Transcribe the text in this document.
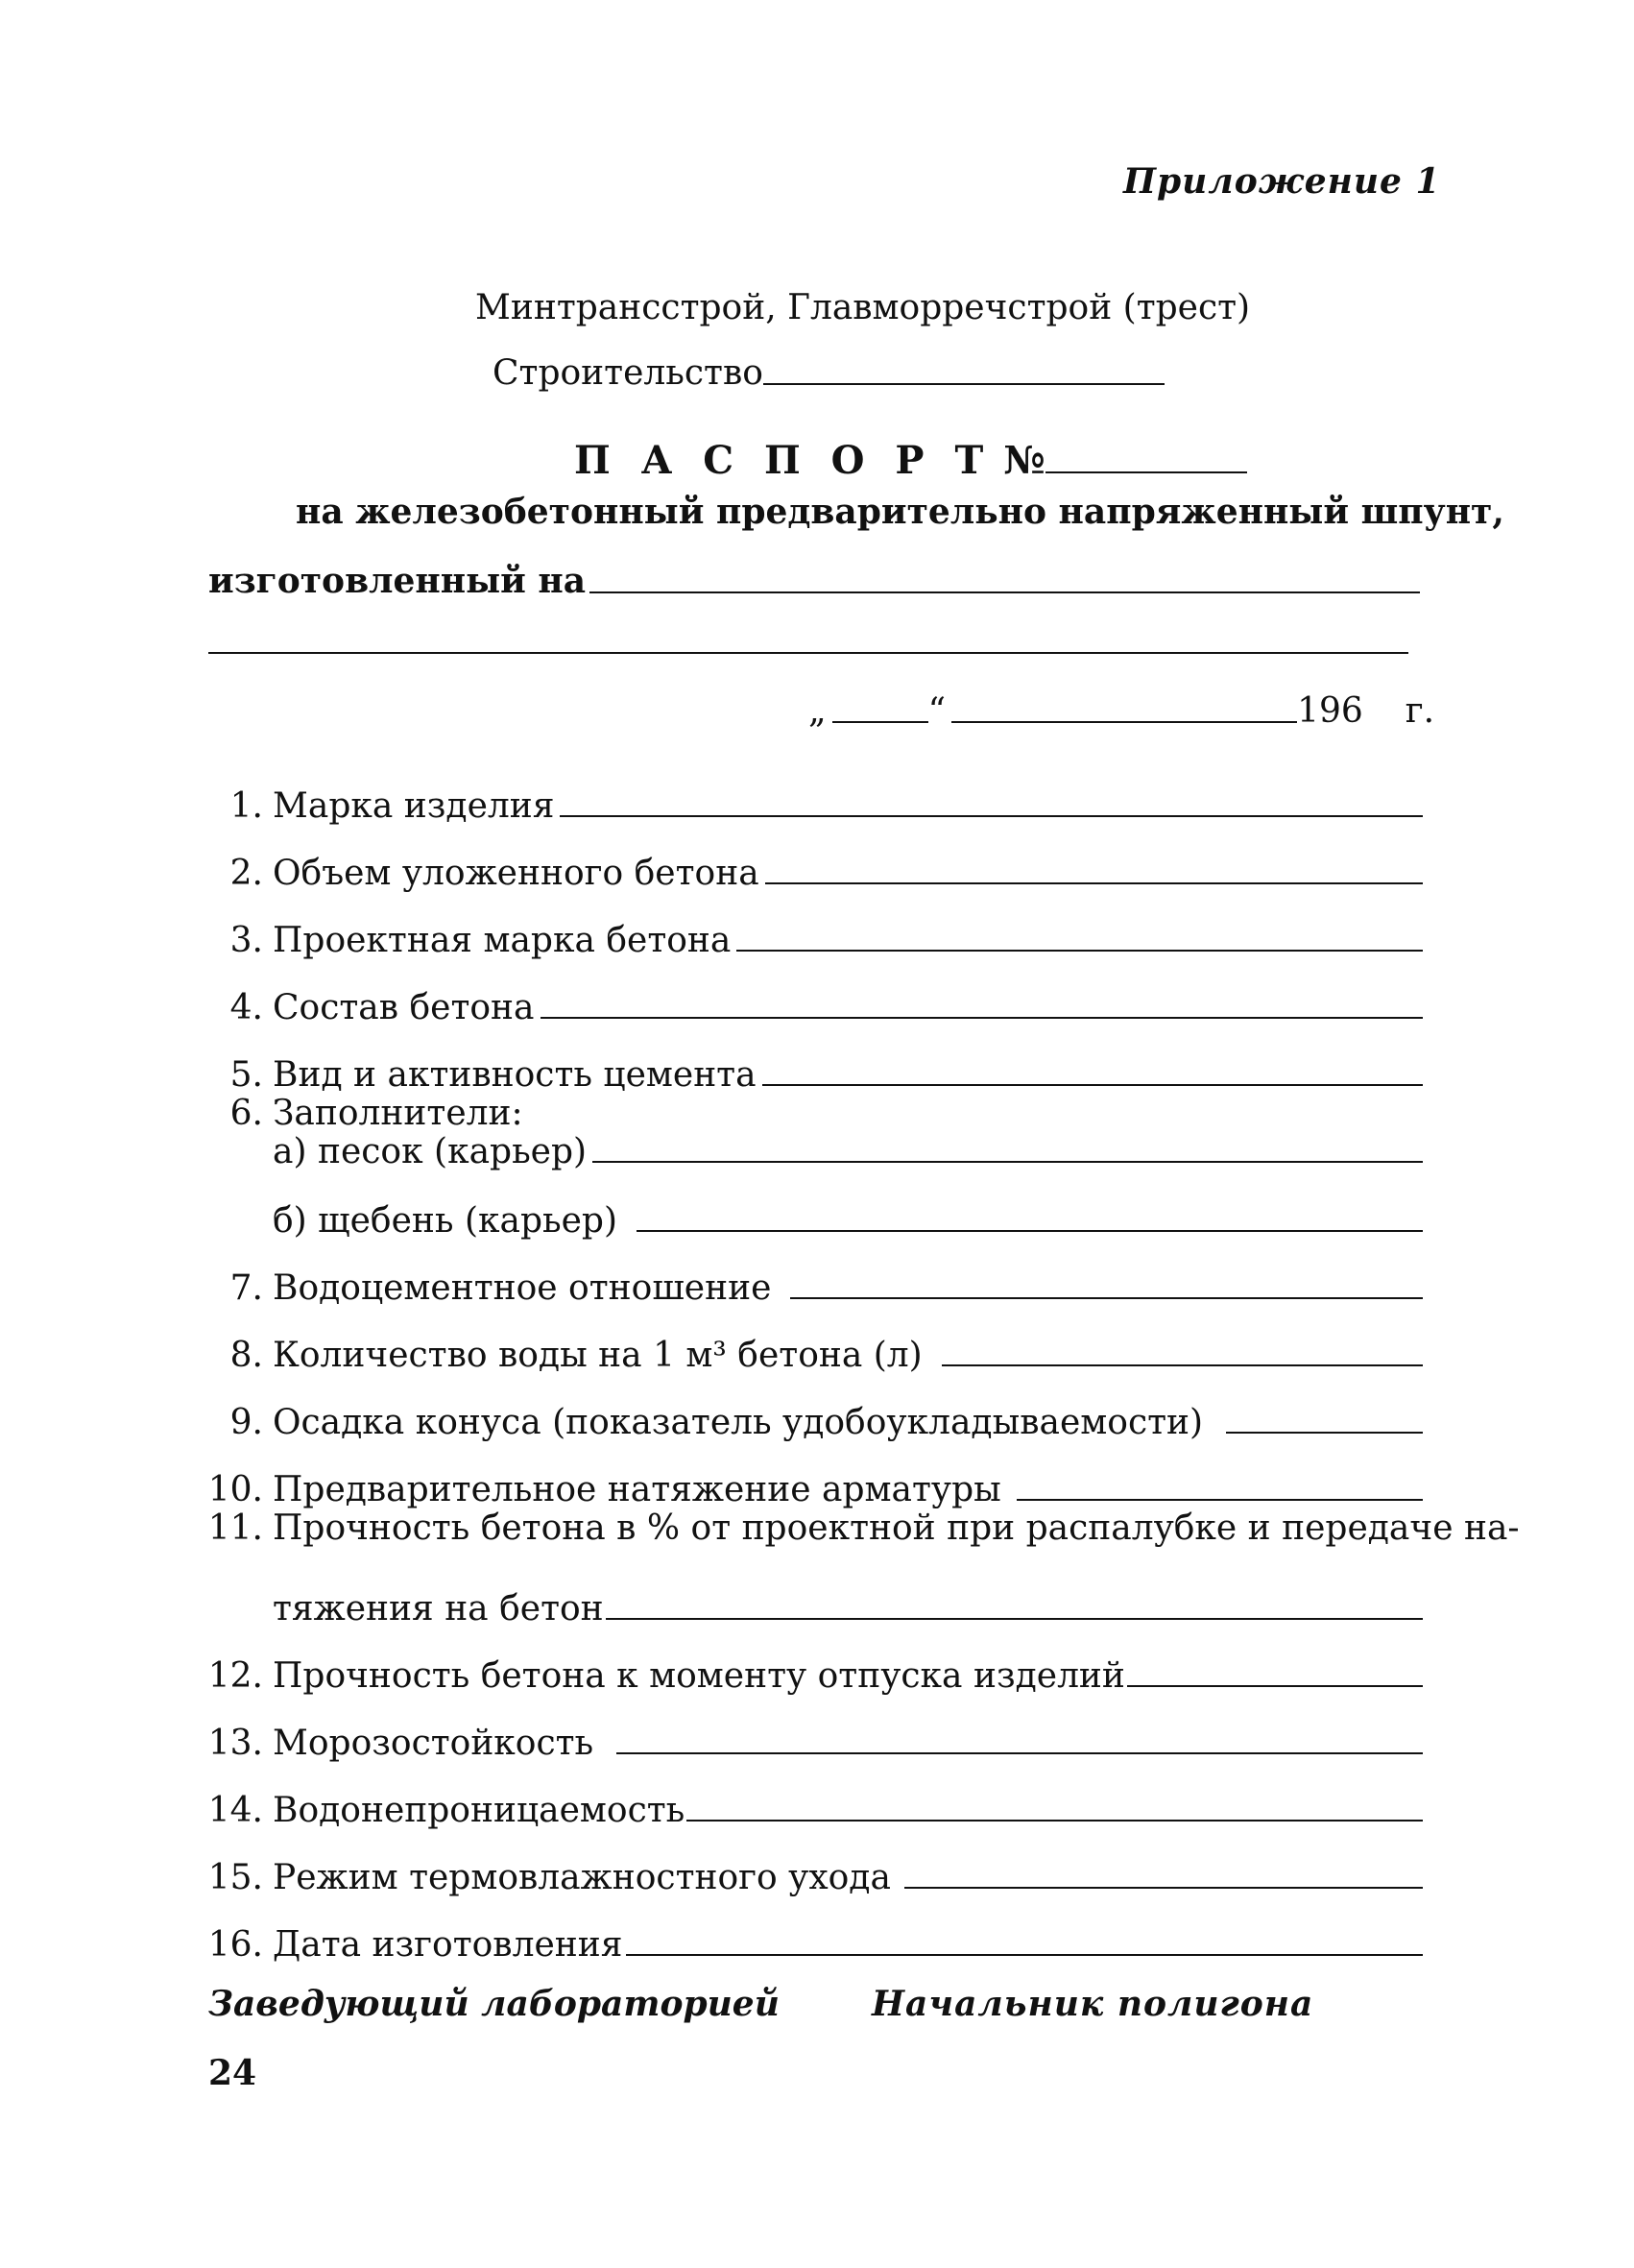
Приложение 1
Минтрансстрой, Главморречстрой (трест)
Строительство
П А С П О Р Т №
на железобетонный предварительно напряженный шпунт,
изготовленный на
„	“	196 г.
1. Марка изделия
2. Объем уложенного бетона
3. Проектная марка бетона
4. Состав бетона
5. Вид и активность цемента
6. Заполнители:
а) песок (карьер)
б) щебень (карьер)
7. Водоцементное отношение
8. Количество воды на 1 м³ бетона (л)
9. Осадка конуса (показатель удобоукладываемости)
10. Предварительное натяжение арматуры
11. Прочность бетона в % от проектной при распалубке и передаче на-
тяжения на бетон
12. Прочность бетона к моменту отпуска изделий
13. Морозостойкость
14. Водонепроницаемость
15. Режим термовлажностного ухода
16. Дата изготовления
Заведующий лабораторией	Начальник полигона
24
